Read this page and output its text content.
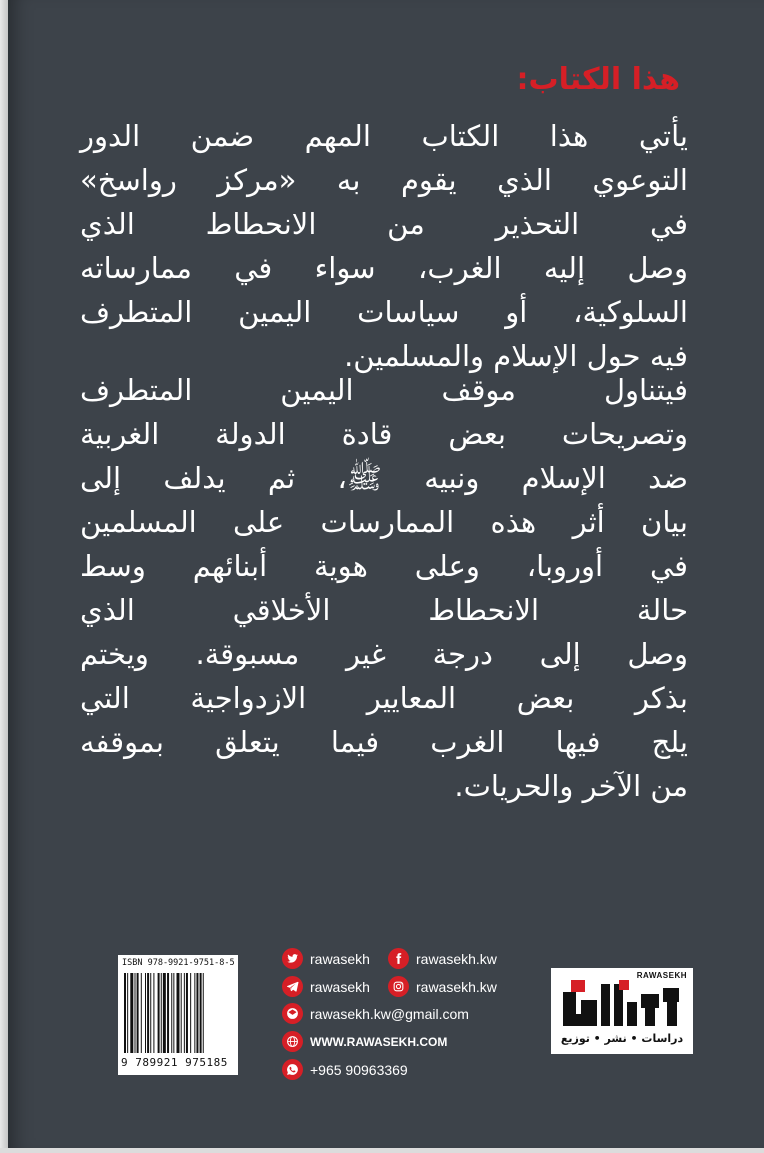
هذا الكتاب:
يأتي هذا الكتاب المهم ضمن الدور
التوعوي الذي يقوم به «مركز رواسخ»
في التحذير من الانحطاط الذي
وصل إليه الغرب، سواء في ممارساته
السلوكية، أو سياسات اليمين المتطرف
فيه حول الإسلام والمسلمين.
فيتناول موقف اليمين المتطرف
وتصريحات بعض قادة الدولة الغربية
ضد الإسلام ونبيه ﷺ، ثم يدلف إلى
بيان أثر هذه الممارسات على المسلمين
في أوروبا، وعلى هوية أبنائهم وسط
حالة الانحطاط الأخلاقي الذي
وصل إلى درجة غير مسبوقة. ويختم
بذكر بعض المعايير الازدواجية التي
يلج فيها الغرب فيما يتعلق بموقفه
من الآخر والحريات.
ISBN 978-9921-9751-8-5
9 789921 975185
rawasekh
rawasekh
rawasekh.kw@gmail.com
WWW.RAWASEKH.COM
+965 90963369
rawasekh.kw
rawasekh.kw
RAWASEKH
دراسات • نشر • توزيع
